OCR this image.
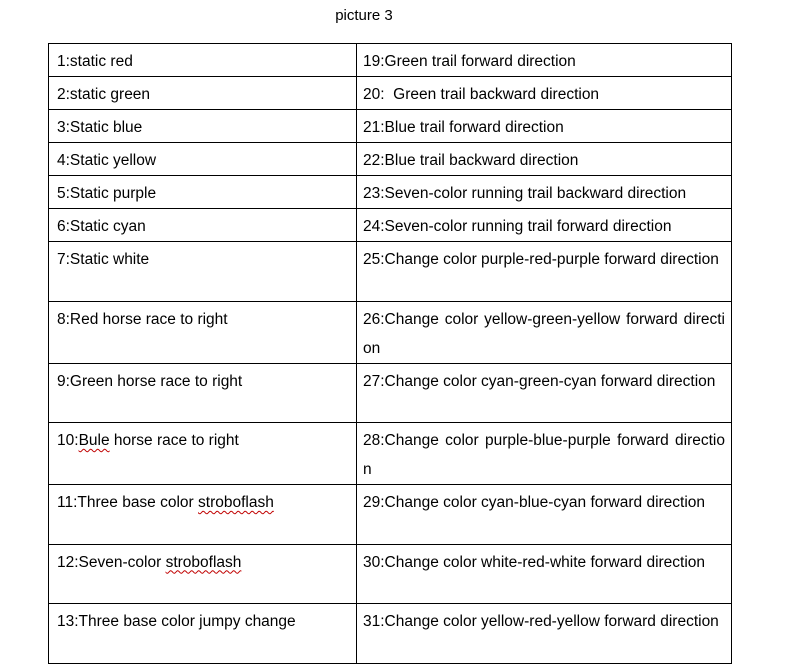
picture 3
1:static red	19:Green trail forward direction
2:static green	20:  Green trail backward direction
3:Static blue	21:Blue trail forward direction
4:Static yellow	22:Blue trail backward direction
5:Static purple	23:Seven-color running trail backward direction
6:Static cyan	24:Seven-color running trail forward direction
7:Static white	25:Change color purple-red-purple forward direction
8:Red horse race to right	26:Change color yellow-green-yellow forward direction
9:Green horse race to right	27:Change color cyan-green-cyan forward direction
10:Bule horse race to right	28:Change color purple-blue-purple forward direction
11:Three base color stroboflash	29:Change color cyan-blue-cyan forward direction
12:Seven-color stroboflash	30:Change color white-red-white forward direction
13:Three base color jumpy change	31:Change color yellow-red-yellow forward direction
